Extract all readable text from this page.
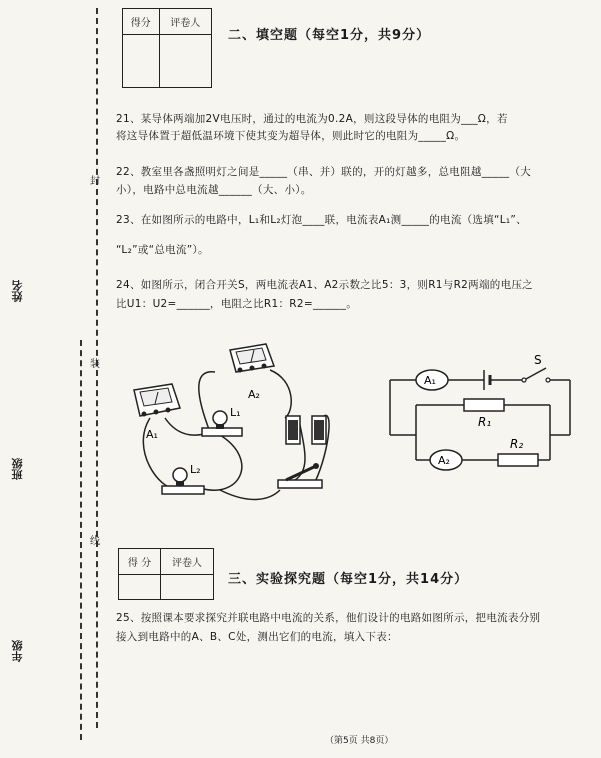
封
装
线
姓名
班级
年级
得分	评卷人

二、填空题（每空1分，共9分）
21、某导体两端加2V电压时，通过的电流为0.2A，则这段导体的电阻为___Ω，若
将这导体置于超低温环境下使其变为超导体，则此时它的电阻为_____Ω。
22、教室里各盏照明灯之间是_____（串、并）联的，开的灯越多，总电阻越_____（大
小），电路中总电流越______（大、小）。
23、在如图所示的电路中，L₁和L₂灯泡____联，电流表A₁测_____的电流（选填“L₁”、
“L₂”或“总电流”）。
24、如图所示，闭合开关S，两电流表A1、A2示数之比5：3，则R1与R2两端的电压之
比U1：U2=______，电阻之比R1：R2=______。
A₁
A₂
L₁
L₂
A₁
S
R₁
A₂
R₂
得 分	评卷人

三、实验探究题（每空1分，共14分）
25、按照课本要求探究并联电路中电流的关系，他们设计的电路如图所示，把电流表分别
接入到电路中的A、B、C处，测出它们的电流，填入下表：
（第5页 共8页）
